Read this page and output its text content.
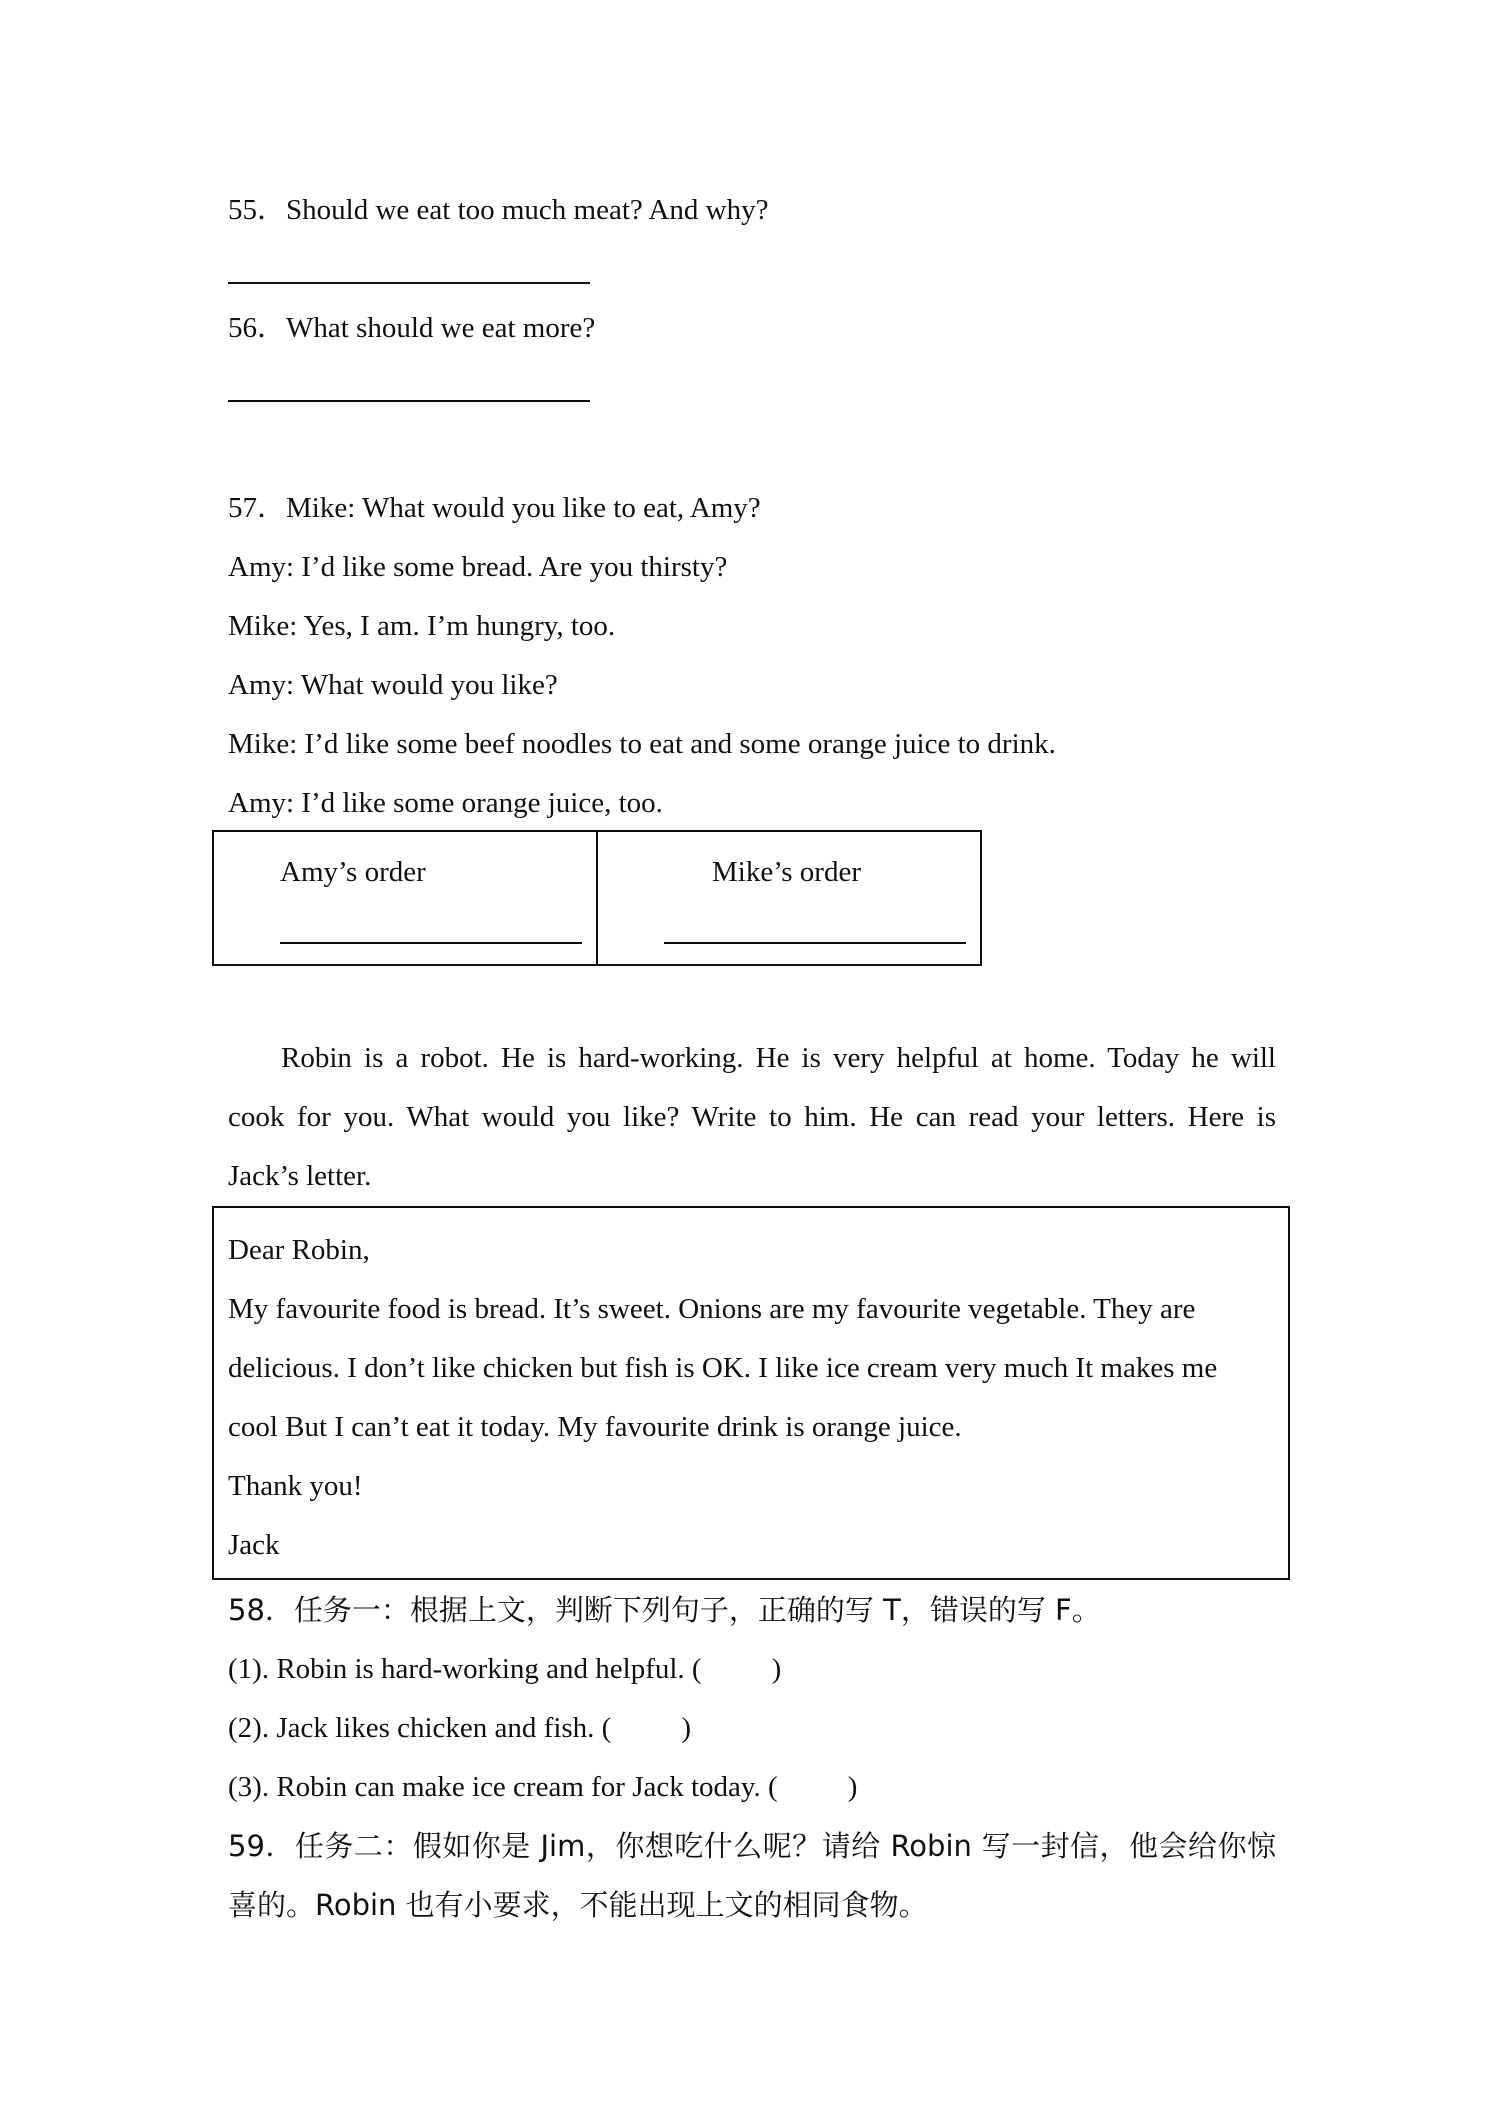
55．Should we eat too much meat? And why?
56．What should we eat more?
57．Mike: What would you like to eat, Amy?
Amy: I’d like some bread. Are you thirsty?
Mike: Yes, I am. I’m hungry, too.
Amy: What would you like?
Mike: I’d like some beef noodles to eat and some orange juice to drink.
Amy: I’d like some orange juice, too.
Amy’s order	Mike’s order
Robin is a robot. He is hard-working. He is very helpful at home. Today he will
cook for you. What would you like? Write to him. He can read your letters. Here is
Jack’s letter.
Dear Robin,
My favourite food is bread. It’s sweet. Onions are my favourite vegetable. They are
delicious. I don’t like chicken but fish is OK. I like ice cream very much It makes me
cool But I can’t eat it today. My favourite drink is orange juice.
Thank you!
Jack
58．任务一：根据上文，判断下列句子，正确的写 T，错误的写 F。
(1). Robin is hard-working and helpful. ( )
(2). Jack likes chicken and fish. ( )
(3). Robin can make ice cream for Jack today. ( )
59．任务二：假如你是 Jim，你想吃什么呢？请给 Robin 写一封信，他会给你惊
喜的。Robin 也有小要求，不能出现上文的相同食物。
